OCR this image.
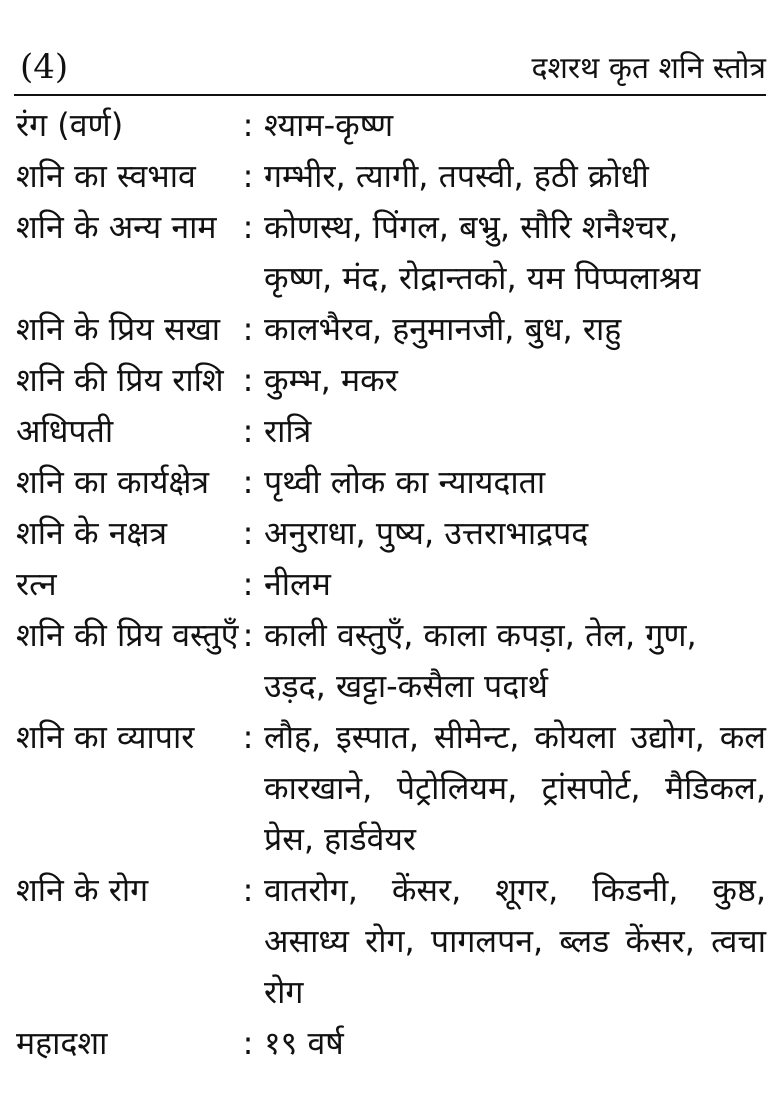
(4)	दशरथ कृत शनि स्तोत्र
रंग (वर्ण)	: श्याम-कृष्ण
शनि का स्वभाव	: गम्भीर, त्यागी, तपस्वी, हठी क्रोधी
शनि के अन्य नाम : कोणस्थ, पिंगल, बभ्रु, सौरि शनैश्चर,
कृष्ण, मंद, रोद्रान्तको, यम पिप्पलाश्रय
शनि के प्रिय सखा : कालभैरव, हनुमानजी, बुध, राहु
शनि की प्रिय राशि : कुम्भ, मकर
अधिपती	: रात्रि
शनि का कार्यक्षेत्र	: पृथ्वी लोक का न्यायदाता
शनि के नक्षत्र	: अनुराधा, पुष्य, उत्तराभाद्रपद
रत्न	: नीलम
शनि की प्रिय वस्तुएँ : काली वस्तुएँ, काला कपड़ा, तेल, गुण,
उड़द, खट्टा-कसैला पदार्थ
शनि का व्यापार	: लौह, इस्पात, सीमेन्ट, कोयला उद्योग, कल
कारखाने, पेट्रोलियम, ट्रांसपोर्ट, मैडिकल,
प्रेस, हार्डवेयर
शनि के रोग	: वातरोग, केंसर, शूगर, किडनी, कुष्ठ,
असाध्य रोग, पागलपन, ब्लड केंसर, त्वचा
रोग
महादशा	: १९ वर्ष
